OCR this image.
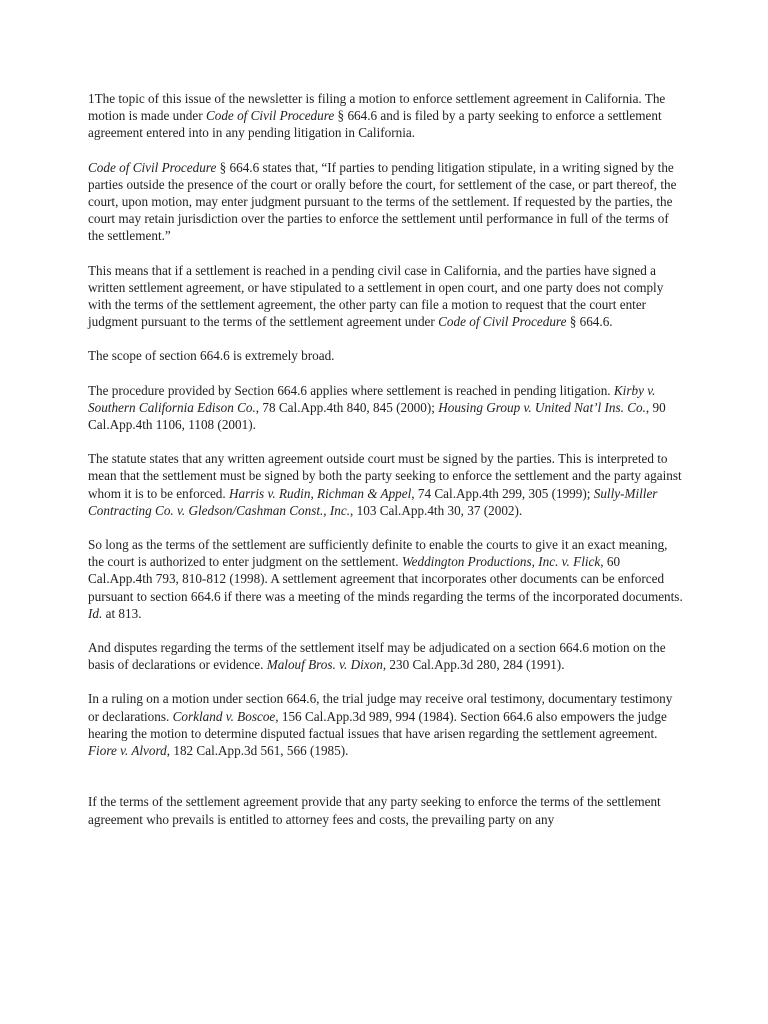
1The topic of this issue of the newsletter is filing a motion to enforce settlement agreement in California. The motion is made under Code of Civil Procedure § 664.6 and is filed by a party seeking to enforce a settlement agreement entered into in any pending litigation in California.

Code of Civil Procedure § 664.6 states that, “If parties to pending litigation stipulate, in a writing signed by the parties outside the presence of the court or orally before the court, for settlement of the case, or part thereof, the court, upon motion, may enter judgment pursuant to the terms of the settlement. If requested by the parties, the court may retain jurisdiction over the parties to enforce the settlement until performance in full of the terms of the settlement.”

This means that if a settlement is reached in a pending civil case in California, and the parties have signed a written settlement agreement, or have stipulated to a settlement in open court, and one party does not comply with the terms of the settlement agreement, the other party can file a motion to request that the court enter judgment pursuant to the terms of the settlement agreement under Code of Civil Procedure § 664.6.

The scope of section 664.6 is extremely broad.

The procedure provided by Section 664.6 applies where settlement is reached in pending litigation. Kirby v. Southern California Edison Co., 78 Cal.App.4th 840, 845 (2000); Housing Group v. United Nat’l Ins. Co., 90 Cal.App.4th 1106, 1108 (2001).

The statute states that any written agreement outside court must be signed by the parties. This is interpreted to mean that the settlement must be signed by both the party seeking to enforce the settlement and the party against whom it is to be enforced. Harris v. Rudin, Richman & Appel, 74 Cal.App.4th 299, 305 (1999); Sully-Miller Contracting Co. v. Gledson/Cashman Const., Inc., 103 Cal.App.4th 30, 37 (2002).

So long as the terms of the settlement are sufficiently definite to enable the courts to give it an exact meaning, the court is authorized to enter judgment on the settlement. Weddington Productions, Inc. v. Flick, 60 Cal.App.4th 793, 810-812 (1998). A settlement agreement that incorporates other documents can be enforced pursuant to section 664.6 if there was a meeting of the minds regarding the terms of the incorporated documents. Id. at 813.

And disputes regarding the terms of the settlement itself may be adjudicated on a section 664.6 motion on the basis of declarations or evidence. Malouf Bros. v. Dixon, 230 Cal.App.3d 280, 284 (1991).

In a ruling on a motion under section 664.6, the trial judge may receive oral testimony, documentary testimony or declarations. Corkland v. Boscoe, 156 Cal.App.3d 989, 994 (1984). Section 664.6 also empowers the judge hearing the motion to determine disputed factual issues that have arisen regarding the settlement agreement. Fiore v. Alvord, 182 Cal.App.3d 561, 566 (1985).

If the terms of the settlement agreement provide that any party seeking to enforce the terms of the settlement agreement who prevails is entitled to attorney fees and costs, the prevailing party on any
